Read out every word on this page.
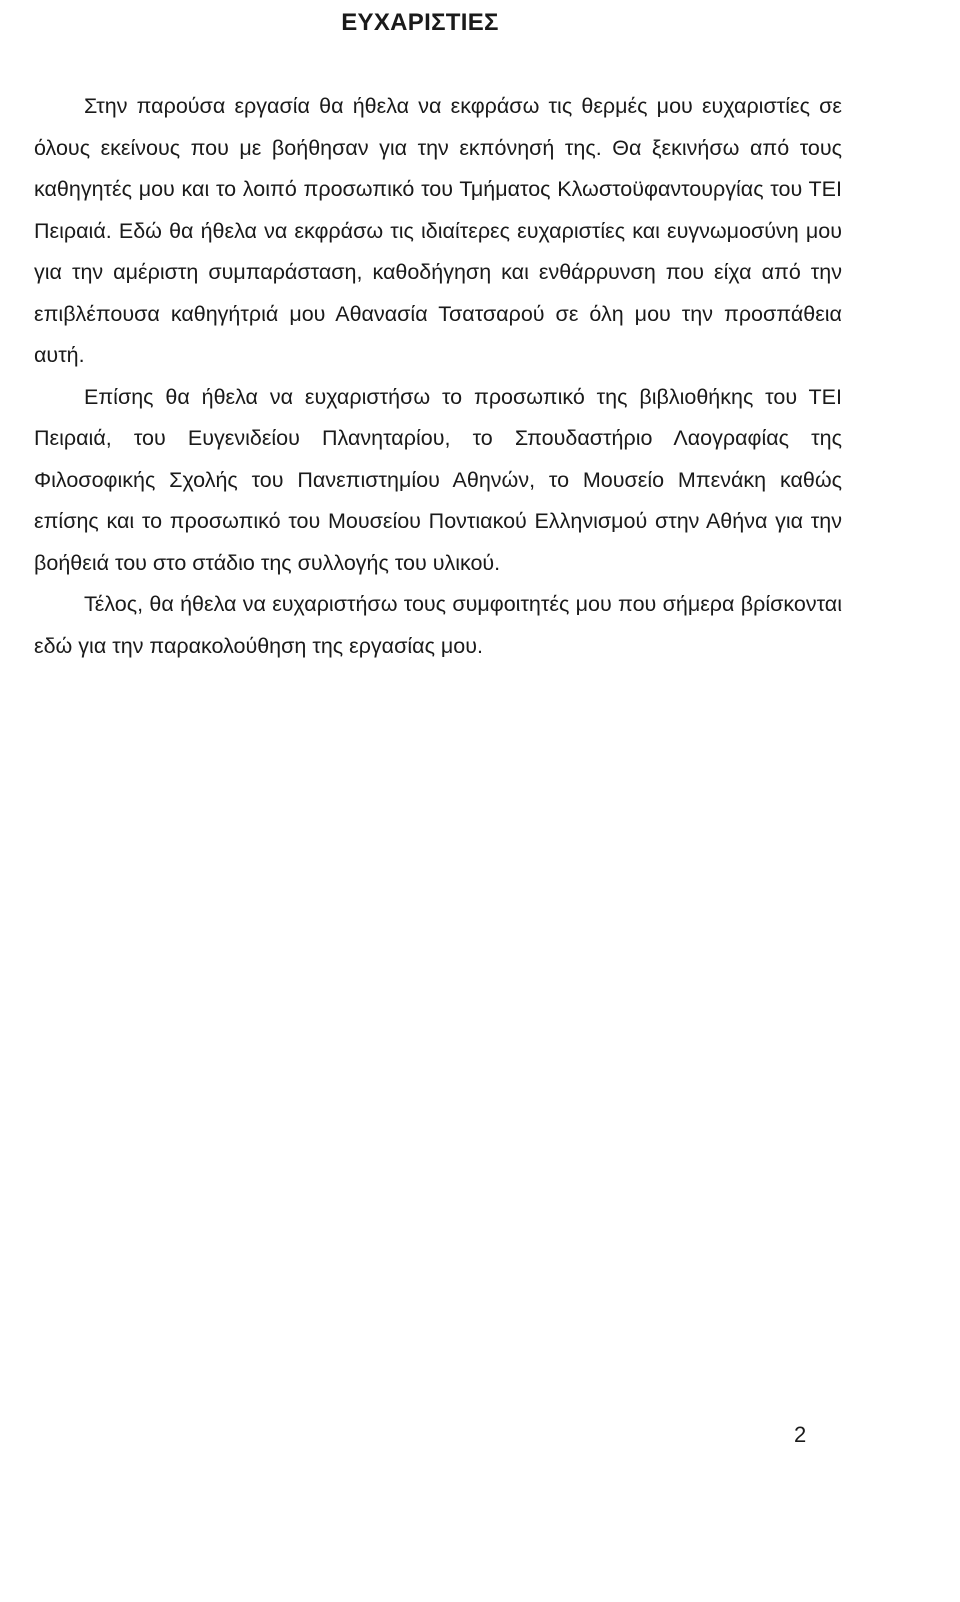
ΕΥΧΑΡΙΣΤΙΕΣ

Στην παρούσα εργασία θα ήθελα να εκφράσω τις θερμές μου ευχαριστίες σε όλους εκείνους που με βοήθησαν για την εκπόνησή της. Θα ξεκινήσω από τους καθηγητές μου και το λοιπό προσωπικό του Τμήματος Κλωστοϋφαντουργίας του ΤΕΙ Πειραιά. Εδώ θα ήθελα να εκφράσω τις ιδιαίτερες ευχαριστίες και ευγνωμοσύνη μου για την αμέριστη συμπαράσταση, καθοδήγηση και ενθάρρυνση που είχα από την επιβλέπουσα καθηγήτριά μου Αθανασία Τσατσαρού σε όλη μου την προσπάθεια αυτή.

Επίσης θα ήθελα να ευχαριστήσω το προσωπικό της βιβλιοθήκης του ΤΕΙ Πειραιά, του Ευγενιδείου Πλανηταρίου, το Σπουδαστήριο Λαογραφίας της Φιλοσοφικής Σχολής του Πανεπιστημίου Αθηνών, το Μουσείο Μπενάκη καθώς επίσης και το προσωπικό του Μουσείου Ποντιακού Ελληνισμού στην Αθήνα για την βοήθειά του στο στάδιο της συλλογής του υλικού.

Τέλος, θα ήθελα να ευχαριστήσω τους συμφοιτητές μου που σήμερα βρίσκονται εδώ για την παρακολούθηση της εργασίας μου.

2
